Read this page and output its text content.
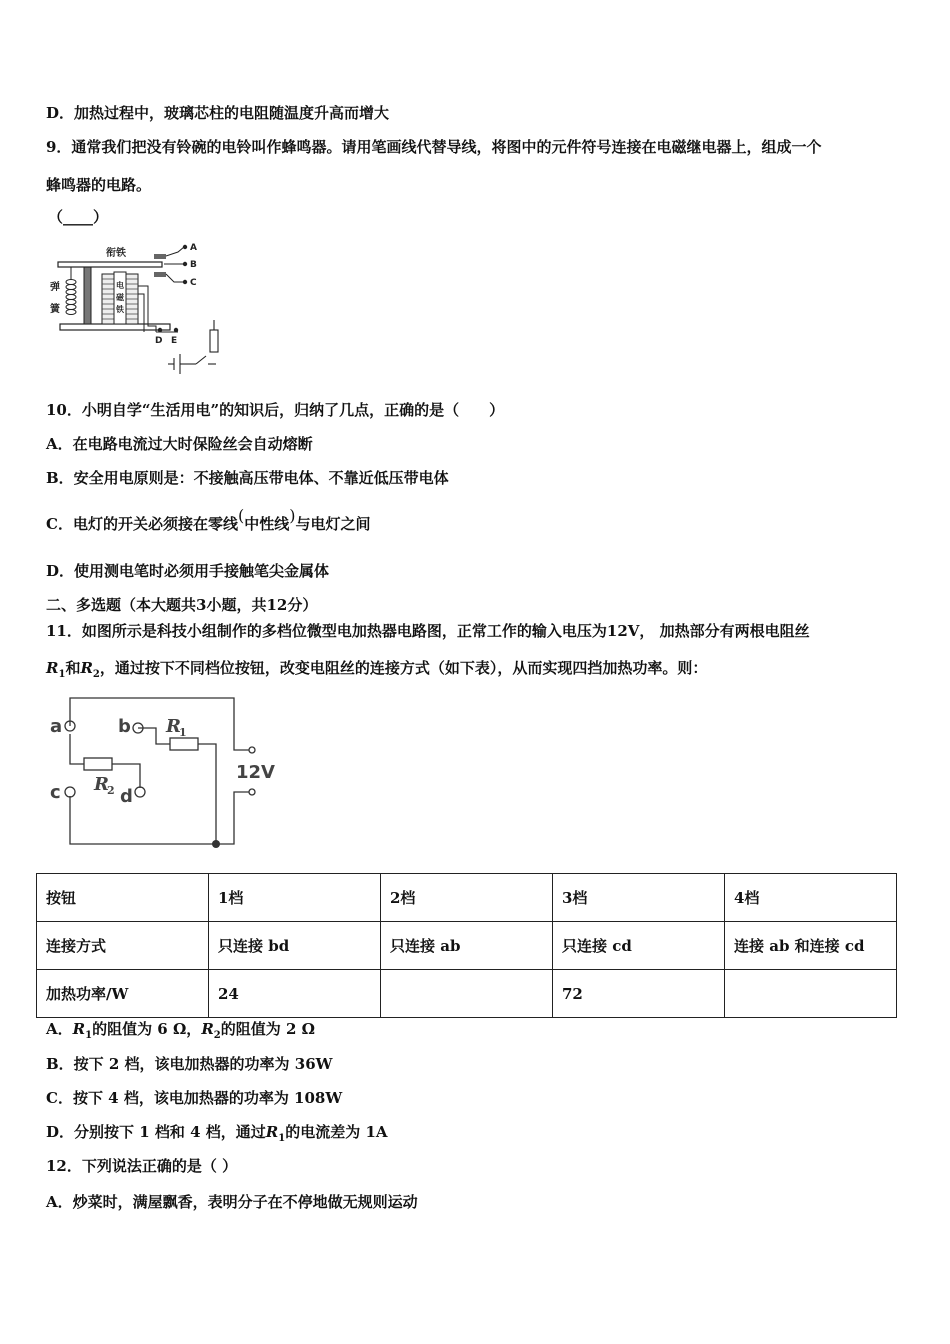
D．加热过程中，玻璃芯柱的电阻随温度升高而增大
9．通常我们把没有铃碗的电铃叫作蜂鸣器。请用笔画线代替导线，将图中的元件符号连接在电磁继电器上，组成一个
蜂鸣器的电路。
（____）
衔铁
弹
簧
电
磁
铁
A
B
C
D E
10．小明自学“生活用电”的知识后，归纳了几点，正确的是（　　）
A．在电路电流过大时保险丝会自动熔断
B．安全用电原则是：不接触高压带电体、不靠近低压带电体
C．电灯的开关必须接在零线(中性线)与电灯之间
D．使用测电笔时必须用手接触笔尖金属体
二、多选题（本大题共3小题，共12分）
11．如图所示是科技小组制作的多档位微型电加热器电路图，正常工作的输入电压为12V， 加热部分有两根电阻丝
$R_1$和$R_2$，通过按下不同档位按钮，改变电阻丝的连接方式（如下表），从而实现四挡加热功率。则：
a	b
c	d
R
1
R
2
12V
按钮	1档	2档	3档	4档
连接方式	只连接 bd	只连接 ab	只连接 cd	连接 ab 和连接 cd
加热功率/W	24		72	
A．$R_1$的阻值为 6 Ω，$R_2$的阻值为 2 Ω
B．按下 2 档，该电加热器的功率为 36W
C．按下 4 档，该电加热器的功率为 108W
D．分别按下 1 档和 4 档，通过$R_1$的电流差为 1A
12．下列说法正确的是（ ）
A．炒菜时，满屋飘香，表明分子在不停地做无规则运动
